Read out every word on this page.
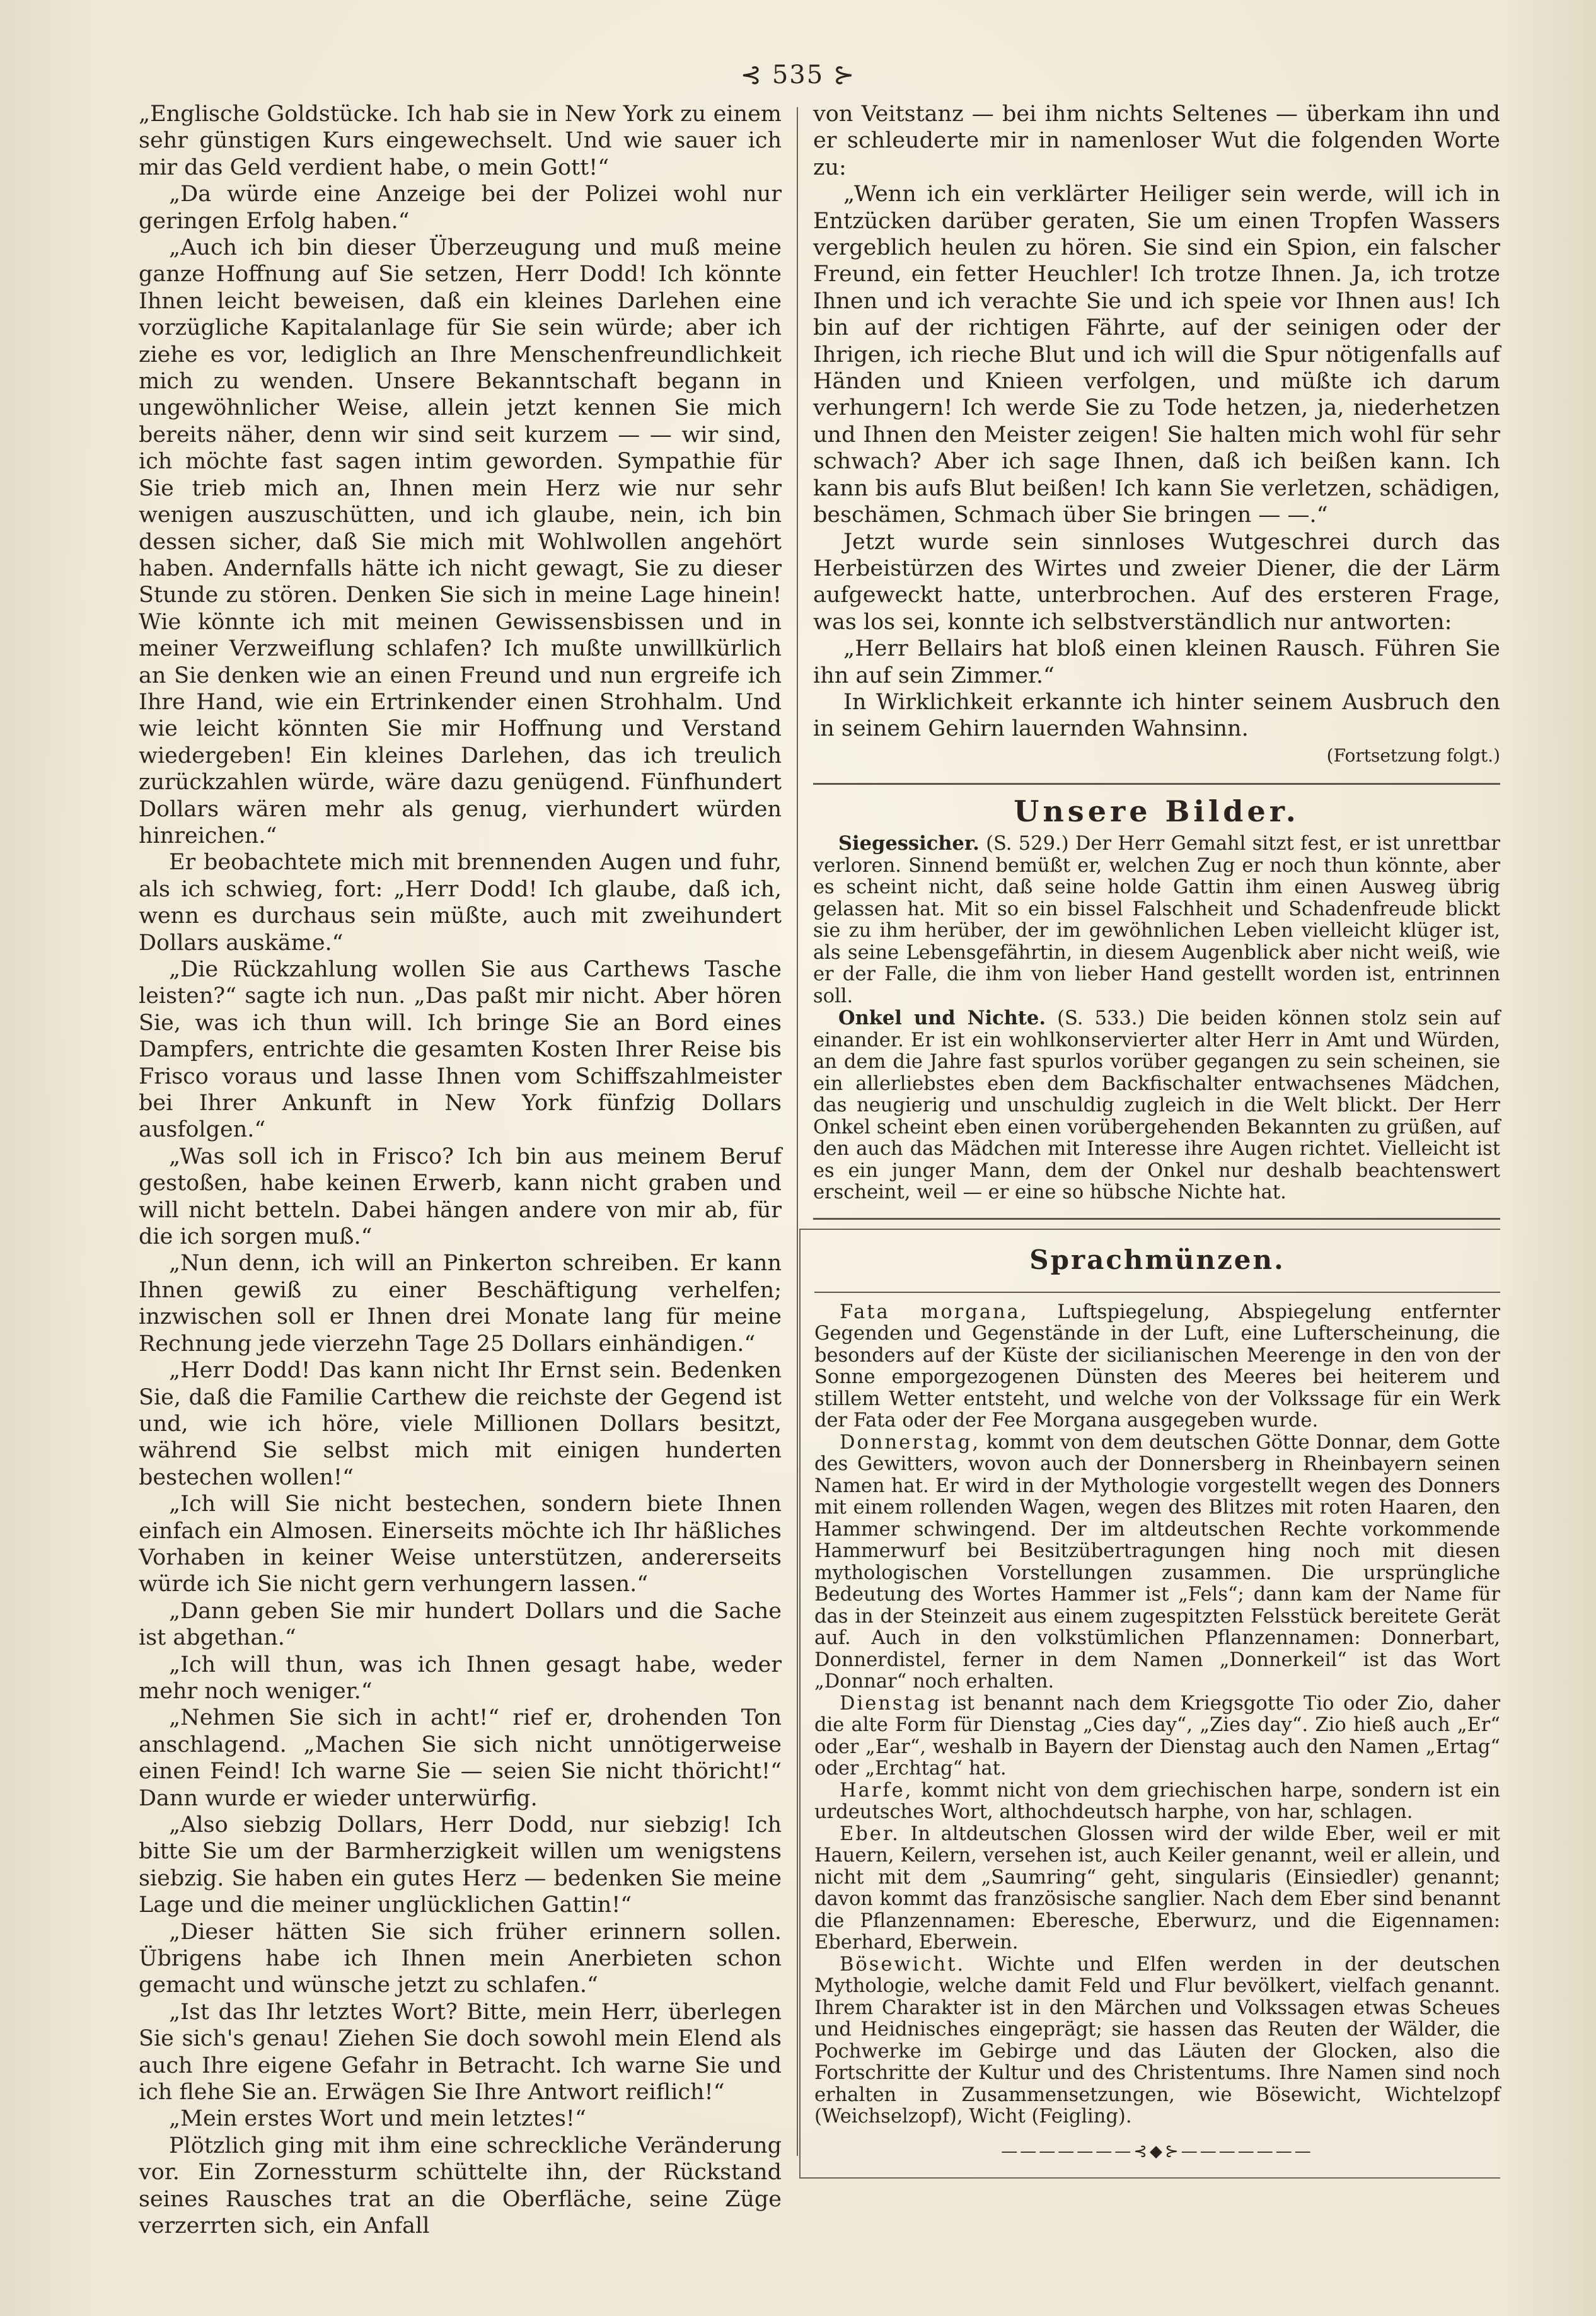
⊰ 535 ⊱

„Englische Goldstücke. Ich hab sie in New York zu einem sehr günstigen Kurs eingewechselt. Und wie sauer ich mir das Geld verdient habe, o mein Gott!“

„Da würde eine Anzeige bei der Polizei wohl nur geringen Erfolg haben.“

„Auch ich bin dieser Überzeugung und muß meine ganze Hoffnung auf Sie setzen, Herr Dodd! Ich könnte Ihnen leicht beweisen, daß ein kleines Darlehen eine vorzügliche Kapitalanlage für Sie sein würde; aber ich ziehe es vor, lediglich an Ihre Menschenfreundlichkeit mich zu wenden. Unsere Bekanntschaft begann in ungewöhnlicher Weise, allein jetzt kennen Sie mich bereits näher, denn wir sind seit kurzem — — wir sind, ich möchte fast sagen intim geworden. Sympathie für Sie trieb mich an, Ihnen mein Herz wie nur sehr wenigen auszuschütten, und ich glaube, nein, ich bin dessen sicher, daß Sie mich mit Wohlwollen angehört haben. Andernfalls hätte ich nicht gewagt, Sie zu dieser Stunde zu stören. Denken Sie sich in meine Lage hinein! Wie könnte ich mit meinen Gewissensbissen und in meiner Verzweiflung schlafen? Ich mußte unwillkürlich an Sie denken wie an einen Freund und nun ergreife ich Ihre Hand, wie ein Ertrinkender einen Strohhalm. Und wie leicht könnten Sie mir Hoffnung und Verstand wiedergeben! Ein kleines Darlehen, das ich treulich zurückzahlen würde, wäre dazu genügend. Fünfhundert Dollars wären mehr als genug, vierhundert würden hinreichen.“

Er beobachtete mich mit brennenden Augen und fuhr, als ich schwieg, fort: „Herr Dodd! Ich glaube, daß ich, wenn es durchaus sein müßte, auch mit zweihundert Dollars auskäme.“

„Die Rückzahlung wollen Sie aus Carthews Tasche leisten?“ sagte ich nun. „Das paßt mir nicht. Aber hören Sie, was ich thun will. Ich bringe Sie an Bord eines Dampfers, entrichte die gesamten Kosten Ihrer Reise bis Frisco voraus und lasse Ihnen vom Schiffszahlmeister bei Ihrer Ankunft in New York fünfzig Dollars ausfolgen.“

„Was soll ich in Frisco? Ich bin aus meinem Beruf gestoßen, habe keinen Erwerb, kann nicht graben und will nicht betteln. Dabei hängen andere von mir ab, für die ich sorgen muß.“

„Nun denn, ich will an Pinkerton schreiben. Er kann Ihnen gewiß zu einer Beschäftigung verhelfen; inzwischen soll er Ihnen drei Monate lang für meine Rechnung jede vierzehn Tage 25 Dollars einhändigen.“

„Herr Dodd! Das kann nicht Ihr Ernst sein. Bedenken Sie, daß die Familie Carthew die reichste der Gegend ist und, wie ich höre, viele Millionen Dollars besitzt, während Sie selbst mich mit einigen hunderten bestechen wollen!“

„Ich will Sie nicht bestechen, sondern biete Ihnen einfach ein Almosen. Einerseits möchte ich Ihr häßliches Vorhaben in keiner Weise unterstützen, andererseits würde ich Sie nicht gern verhungern lassen.“

„Dann geben Sie mir hundert Dollars und die Sache ist abgethan.“

„Ich will thun, was ich Ihnen gesagt habe, weder mehr noch weniger.“

„Nehmen Sie sich in acht!“ rief er, drohenden Ton anschlagend. „Machen Sie sich nicht unnötigerweise einen Feind! Ich warne Sie — seien Sie nicht thöricht!“ Dann wurde er wieder unterwürfig.

„Also siebzig Dollars, Herr Dodd, nur siebzig! Ich bitte Sie um der Barmherzigkeit willen um wenigstens siebzig. Sie haben ein gutes Herz — bedenken Sie meine Lage und die meiner unglücklichen Gattin!“

„Dieser hätten Sie sich früher erinnern sollen. Übrigens habe ich Ihnen mein Anerbieten schon gemacht und wünsche jetzt zu schlafen.“

„Ist das Ihr letztes Wort? Bitte, mein Herr, überlegen Sie sich's genau! Ziehen Sie doch sowohl mein Elend als auch Ihre eigene Gefahr in Betracht. Ich warne Sie und ich flehe Sie an. Erwägen Sie Ihre Antwort reiflich!“

„Mein erstes Wort und mein letztes!“

Plötzlich ging mit ihm eine schreckliche Veränderung vor. Ein Zornessturm schüttelte ihn, der Rückstand seines Rausches trat an die Oberfläche, seine Züge verzerrten sich, ein Anfall

von Veitstanz — bei ihm nichts Seltenes — überkam ihn und er schleuderte mir in namenloser Wut die folgenden Worte zu:

„Wenn ich ein verklärter Heiliger sein werde, will ich in Entzücken darüber geraten, Sie um einen Tropfen Wassers vergeblich heulen zu hören. Sie sind ein Spion, ein falscher Freund, ein fetter Heuchler! Ich trotze Ihnen. Ja, ich trotze Ihnen und ich verachte Sie und ich speie vor Ihnen aus! Ich bin auf der richtigen Fährte, auf der seinigen oder der Ihrigen, ich rieche Blut und ich will die Spur nötigenfalls auf Händen und Knieen verfolgen, und müßte ich darum verhungern! Ich werde Sie zu Tode hetzen, ja, niederhetzen und Ihnen den Meister zeigen! Sie halten mich wohl für sehr schwach? Aber ich sage Ihnen, daß ich beißen kann. Ich kann bis aufs Blut beißen! Ich kann Sie verletzen, schädigen, beschämen, Schmach über Sie bringen — —.“

Jetzt wurde sein sinnloses Wutgeschrei durch das Herbeistürzen des Wirtes und zweier Diener, die der Lärm aufgeweckt hatte, unterbrochen. Auf des ersteren Frage, was los sei, konnte ich selbstverständlich nur antworten:

„Herr Bellairs hat bloß einen kleinen Rausch. Führen Sie ihn auf sein Zimmer.“

In Wirklichkeit erkannte ich hinter seinem Ausbruch den in seinem Gehirn lauernden Wahnsinn.

(Fortsetzung folgt.)
Unsere Bilder.

Siegessicher. (S. 529.) Der Herr Gemahl sitzt fest, er ist unrettbar verloren. Sinnend bemüßt er, welchen Zug er noch thun könnte, aber es scheint nicht, daß seine holde Gattin ihm einen Ausweg übrig gelassen hat. Mit so ein bissel Falschheit und Schadenfreude blickt sie zu ihm herüber, der im gewöhnlichen Leben vielleicht klüger ist, als seine Lebensgefährtin, in diesem Augenblick aber nicht weiß, wie er der Falle, die ihm von lieber Hand gestellt worden ist, entrinnen soll.

Onkel und Nichte. (S. 533.) Die beiden können stolz sein auf einander. Er ist ein wohlkonservierter alter Herr in Amt und Würden, an dem die Jahre fast spurlos vorüber gegangen zu sein scheinen, sie ein allerliebstes eben dem Backfischalter entwachsenes Mädchen, das neugierig und unschuldig zugleich in die Welt blickt. Der Herr Onkel scheint eben einen vorübergehenden Bekannten zu grüßen, auf den auch das Mädchen mit Interesse ihre Augen richtet. Vielleicht ist es ein junger Mann, dem der Onkel nur deshalb beachtenswert erscheint, weil — er eine so hübsche Nichte hat.

Sprachmünzen.

Fata morgana, Luftspiegelung, Abspiegelung entfernter Gegenden und Gegenstände in der Luft, eine Lufterscheinung, die besonders auf der Küste der sicilianischen Meerenge in den von der Sonne emporgezogenen Dünsten des Meeres bei heiterem und stillem Wetter entsteht, und welche von der Volkssage für ein Werk der Fata oder der Fee Morgana ausgegeben wurde.

Donnerstag, kommt von dem deutschen Götte Donnar, dem Gotte des Gewitters, wovon auch der Donnersberg in Rheinbayern seinen Namen hat. Er wird in der Mythologie vorgestellt wegen des Donners mit einem rollenden Wagen, wegen des Blitzes mit roten Haaren, den Hammer schwingend. Der im altdeutschen Rechte vorkommende Hammerwurf bei Besitzübertragungen hing noch mit diesen mythologischen Vorstellungen zusammen. Die ursprüngliche Bedeutung des Wortes Hammer ist „Fels“; dann kam der Name für das in der Steinzeit aus einem zugespitzten Felsstück bereitete Gerät auf. Auch in den volkstümlichen Pflanzennamen: Donnerbart, Donnerdistel, ferner in dem Namen „Donnerkeil“ ist das Wort „Donnar“ noch erhalten.

Dienstag ist benannt nach dem Kriegsgotte Tio oder Zio, daher die alte Form für Dienstag „Cies day“, „Zies day“. Zio hieß auch „Er“ oder „Ear“, weshalb in Bayern der Dienstag auch den Namen „Ertag“ oder „Erchtag“ hat.

Harfe, kommt nicht von dem griechischen harpe, sondern ist ein urdeutsches Wort, althochdeutsch harphe, von har, schlagen.

Eber. In altdeutschen Glossen wird der wilde Eber, weil er mit Hauern, Keilern, versehen ist, auch Keiler genannt, weil er allein, und nicht mit dem „Saumring“ geht, singularis (Einsiedler) genannt; davon kommt das französische sanglier. Nach dem Eber sind benannt die Pflanzennamen: Eberesche, Eberwurz, und die Eigennamen: Eberhard, Eberwein.

Bösewicht. Wichte und Elfen werden in der deutschen Mythologie, welche damit Feld und Flur bevölkert, vielfach genannt. Ihrem Charakter ist in den Märchen und Volkssagen etwas Scheues und Heidnisches eingeprägt; sie hassen das Reuten der Wälder, die Pochwerke im Gebirge und das Läuten der Glocken, also die Fortschritte der Kultur und des Christentums. Ihre Namen sind noch erhalten in Zusammensetzungen, wie Bösewicht, Wichtelzopf (Weichselzopf), Wicht (Feigling).

———————⊰◆⊱———————
